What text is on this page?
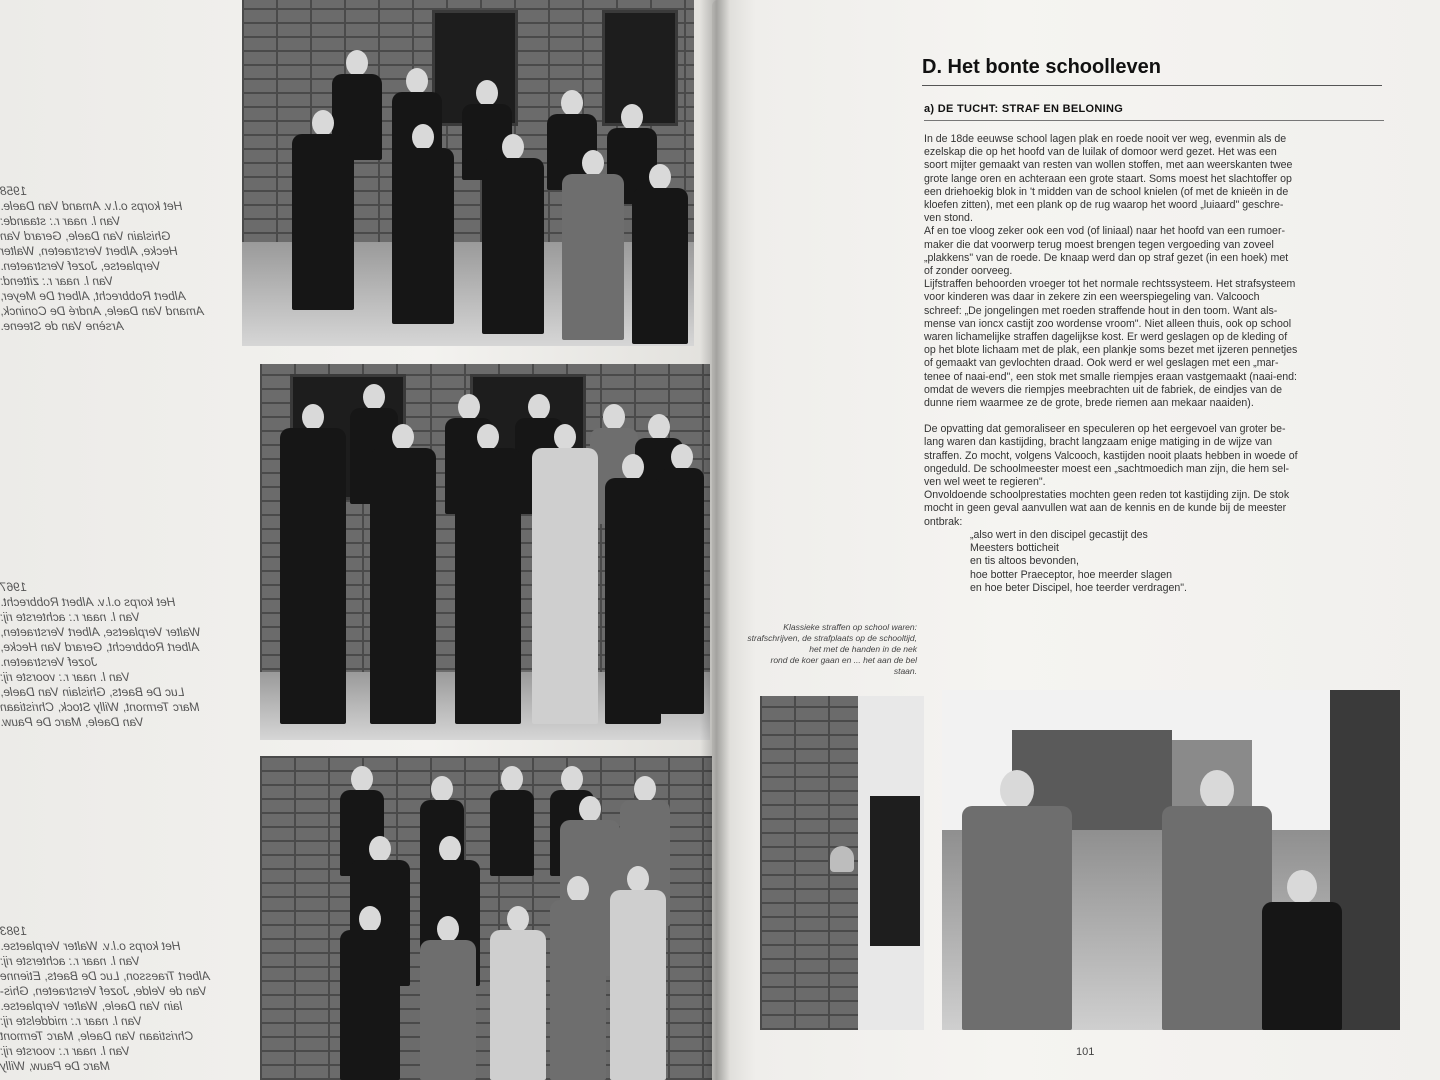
1958
Het korps o.l.v. Amand Van Daele.
Van l. naar r.: staande:
Ghislain Van Daele, Gerard Van
Hecke, Albert Verstraeten, Walter
Verplaetse, Jozef Verstraeten.
Van l. naar r.: zittend:
Albert Robbrecht, Albert De Meyer,
Amand Van Daele, André De Coninck,
Arsène Van de Steene.
1967
Het korps o.l.v. Albert Robbrecht.
Van l. naar r.: achterste rij:
Walter Verplaetse, Albert Verstraeten,
Albert Robbrecht, Gerard Van Hecke,
Jozef Verstraeten.
Van l. naar r.: voorste rij:
Luc De Baets, Ghislain Van Daele,
Marc Termont, Willy Stock, Christiaan
Van Daele, Marc De Pauw.
1983
Het korps o.l.v. Walter Verplaetse.
Van l. naar r.: achterste rij:
Albert Traesson, Luc De Baets, Etienne
Van de Velde, Jozef Verstraeten, Ghis-
lain Van Daele, Walter Verplaetse.
Van l. naar r.: middelste rij:
Christiaan Van Daele, Marc Termont
Van l. naar r.: voorste rij:
Marc De Pauw, Willy
D. Het bonte schoolleven
a) DE TUCHT: STRAF EN BELONING

In de 18de eeuwse school lagen plak en roede nooit ver weg, evenmin als de

ezelskap die op het hoofd van de luilak of domoor werd gezet. Het was een

soort mijter gemaakt van resten van wollen stoffen, met aan weerskanten twee

grote lange oren en achteraan een grote staart. Soms moest het slachtoffer op

een driehoekig blok in 't midden van de school knielen (of met de knieën in de

kloefen zitten), met een plank op de rug waarop het woord „luiaard" geschre-

ven stond.

Af en toe vloog zeker ook een vod (of liniaal) naar het hoofd van een rumoer-

maker die dat voorwerp terug moest brengen tegen vergoeding van zoveel

„plakkens" van de roede. De knaap werd dan op straf gezet (in een hoek) met

of zonder oorveeg.

Lijfstraffen behoorden vroeger tot het normale rechtssysteem. Het strafsysteem

voor kinderen was daar in zekere zin een weerspiegeling van. Valcooch

schreef: „De jongelingen met roeden straffende hout in den toom. Want als-

mense van ioncx castijt zoo wordense vroom". Niet alleen thuis, ook op school

waren lichamelijke straffen dagelijkse kost. Er werd geslagen op de kleding of

op het blote lichaam met de plak, een plankje soms bezet met ijzeren pennetjes

of gemaakt van gevlochten draad. Ook werd er wel geslagen met een „mar-

tenee of naai-end", een stok met smalle riempjes eraan vastgemaakt (naai-end:

omdat de wevers die riempjes meebrachten uit de fabriek, de eindjes van de

dunne riem waarmee ze de grote, brede riemen aan mekaar naaiden).

De opvatting dat gemoraliseer en speculeren op het eergevoel van groter be-

lang waren dan kastijding, bracht langzaam enige matiging in de wijze van

straffen. Zo mocht, volgens Valcooch, kastijden nooit plaats hebben in woede of

ongeduld. De schoolmeester moest een „sachtmoedich man zijn, die hem sel-

ven wel weet te regieren".

Onvoldoende schoolprestaties mochten geen reden tot kastijding zijn. De stok

mocht in geen geval aanvullen wat aan de kennis en de kunde bij de meester

ontbrak:

„also wert in den discipel gecastijt des

Meesters botticheit

en tis altoos bevonden,

hoe botter Praeceptor, hoe meerder slagen

en hoe beter Discipel, hoe teerder verdragen".

Klassieke straffen op school waren:
strafschrijven, de strafplaats op de schooltijd,
het met de handen in de nek
rond de koer gaan en ... het aan de bel
staan.
101
